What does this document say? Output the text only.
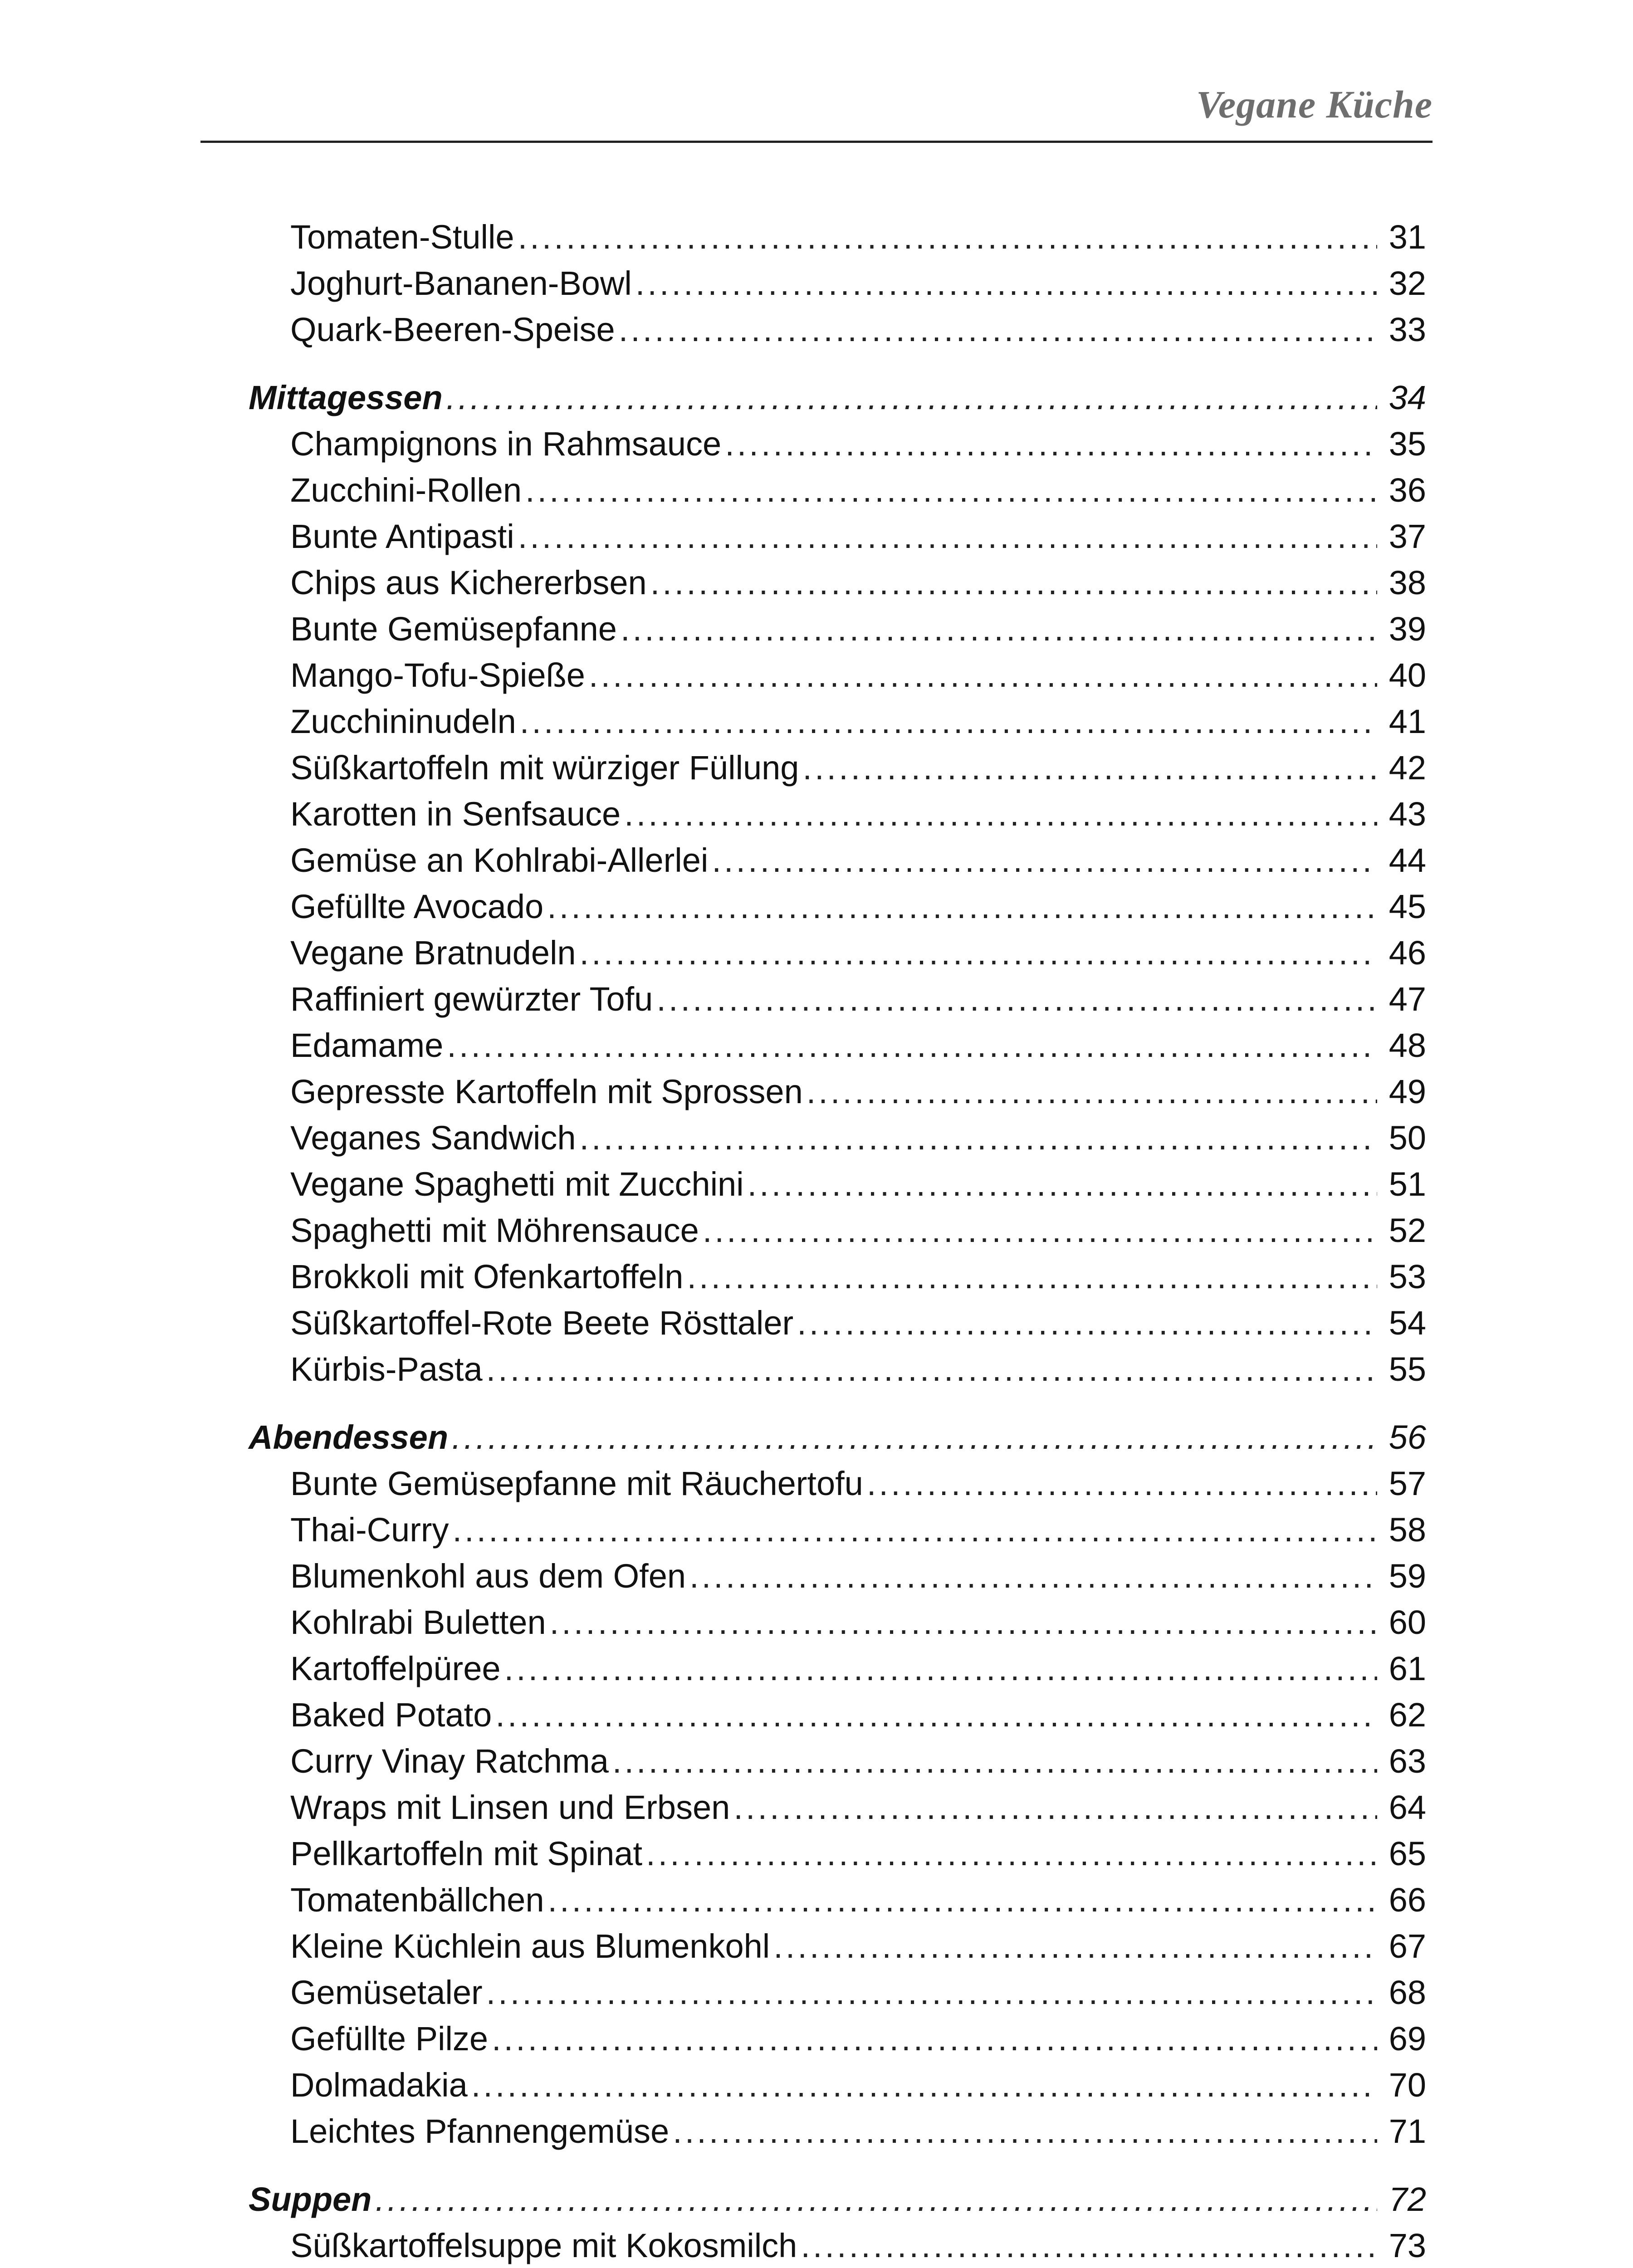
Vegane Küche
Tomaten-Stulle .....	31
Joghurt-Bananen-Bowl .....	32
Quark-Beeren-Speise .....	33
Mittagessen .....	34
Champignons in Rahmsauce .....	35
Zucchini-Rollen .....	36
Bunte Antipasti .....	37
Chips aus Kichererbsen .....	38
Bunte Gemüsepfanne .....	39
Mango-Tofu-Spieße .....	40
Zucchininudeln .....	41
Süßkartoffeln mit würziger Füllung .....	42
Karotten in Senfsauce .....	43
Gemüse an Kohlrabi-Allerlei .....	44
Gefüllte Avocado .....	45
Vegane Bratnudeln .....	46
Raffiniert gewürzter Tofu .....	47
Edamame .....	48
Gepresste Kartoffeln mit Sprossen .....	49
Veganes Sandwich .....	50
Vegane Spaghetti mit Zucchini .....	51
Spaghetti mit Möhrensauce .....	52
Brokkoli mit Ofenkartoffeln .....	53
Süßkartoffel-Rote Beete Rösttaler .....	54
Kürbis-Pasta .....	55
Abendessen .....	56
Bunte Gemüsepfanne mit Räuchertofu .....	57
Thai-Curry .....	58
Blumenkohl aus dem Ofen .....	59
Kohlrabi Buletten .....	60
Kartoffelpüree .....	61
Baked Potato .....	62
Curry Vinay Ratchma .....	63
Wraps mit Linsen und Erbsen .....	64
Pellkartoffeln mit Spinat .....	65
Tomatenbällchen .....	66
Kleine Küchlein aus Blumenkohl .....	67
Gemüsetaler .....	68
Gefüllte Pilze .....	69
Dolmadakia .....	70
Leichtes Pfannengemüse .....	71
Suppen .....	72
Süßkartoffelsuppe mit Kokosmilch .....	73
